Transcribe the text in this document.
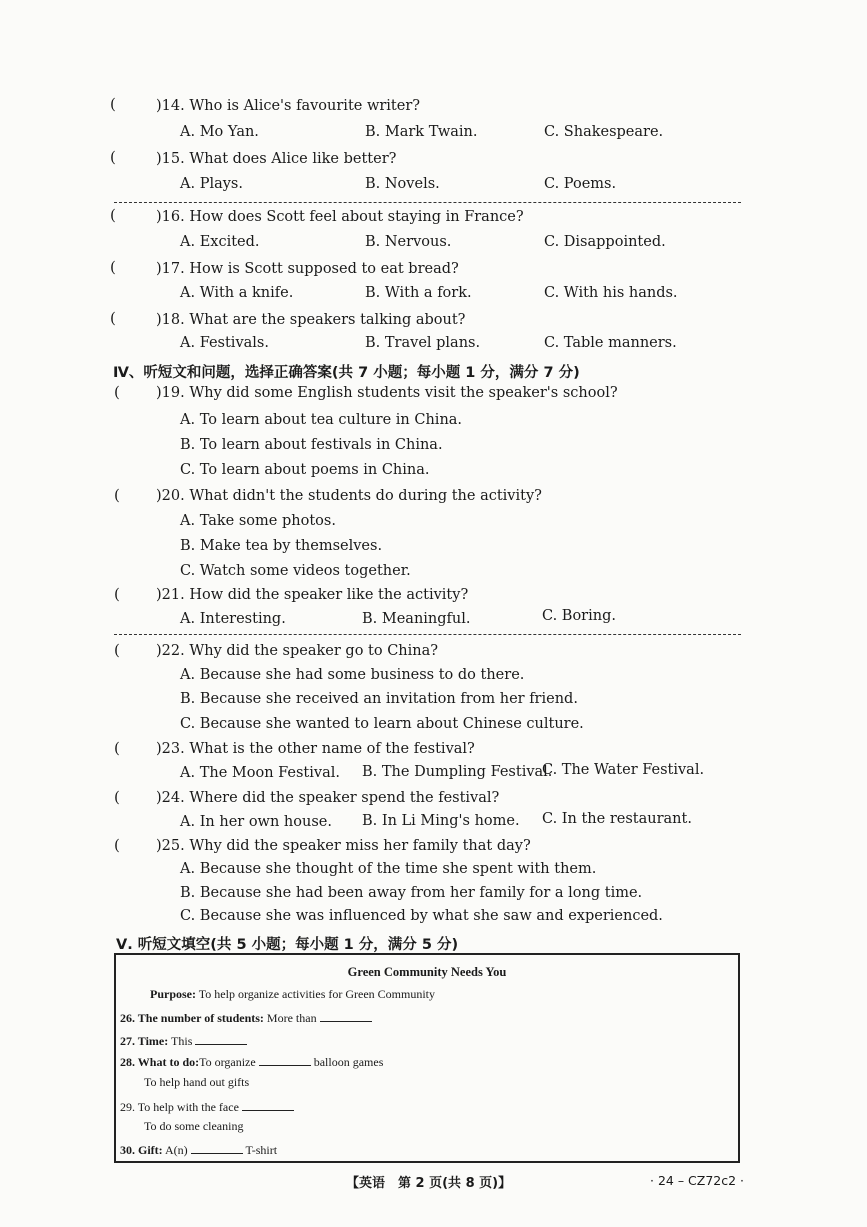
(	)14. Who is Alice's favourite writer?
A. Mo Yan.	B. Mark Twain.	C. Shakespeare.
(	)15. What does Alice like better?
A. Plays.	B. Novels.	C. Poems.
(	)16. How does Scott feel about staying in France?
A. Excited.	B. Nervous.	C. Disappointed.
(	)17. How is Scott supposed to eat bread?
A. With a knife.	B. With a fork.	C. With his hands.
(	)18. What are the speakers talking about?
A. Festivals.	B. Travel plans.	C. Table manners.
Ⅳ、听短文和问题，选择正确答案(共 7 小题；每小题 1 分，满分 7 分)
( )19. Why did some English students visit the speaker's school?
A. To learn about tea culture in China.
B. To learn about festivals in China.
C. To learn about poems in China.
( )20. What didn't the students do during the activity?
A. Take some photos.
B. Make tea by themselves.
C. Watch some videos together.
( )21. How did the speaker like the activity?
A. Interesting.	B. Meaningful.	C. Boring.
( )22. Why did the speaker go to China?
A. Because she had some business to do there.
B. Because she received an invitation from her friend.
C. Because she wanted to learn about Chinese culture.
( )23. What is the other name of the festival?
A. The Moon Festival. B. The Dumpling Festival.
C. The Water Festival.
( )24. Where did the speaker spend the festival?
A. In her own house. B. In Li Ming's home. C. In the restaurant.
( )25. Why did the speaker miss her family that day?
A. Because she thought of the time she spent with them.
B. Because she had been away from her family for a long time.
C. Because she was influenced by what she saw and experienced.
Ⅴ. 听短文填空(共 5 小题；每小题 1 分，满分 5 分)
Green Community Needs You
Purpose: To help organize activities for Green Community
26. The number of students: More than
27. Time: This
28. What to do:To organize	balloon games
To help hand out gifts
29. To help with the face
To do some cleaning
30. Gift: A(n)	T-shirt
【英语　第 2 页(共 8 页)】	· 24 – CZ72c2 ·
